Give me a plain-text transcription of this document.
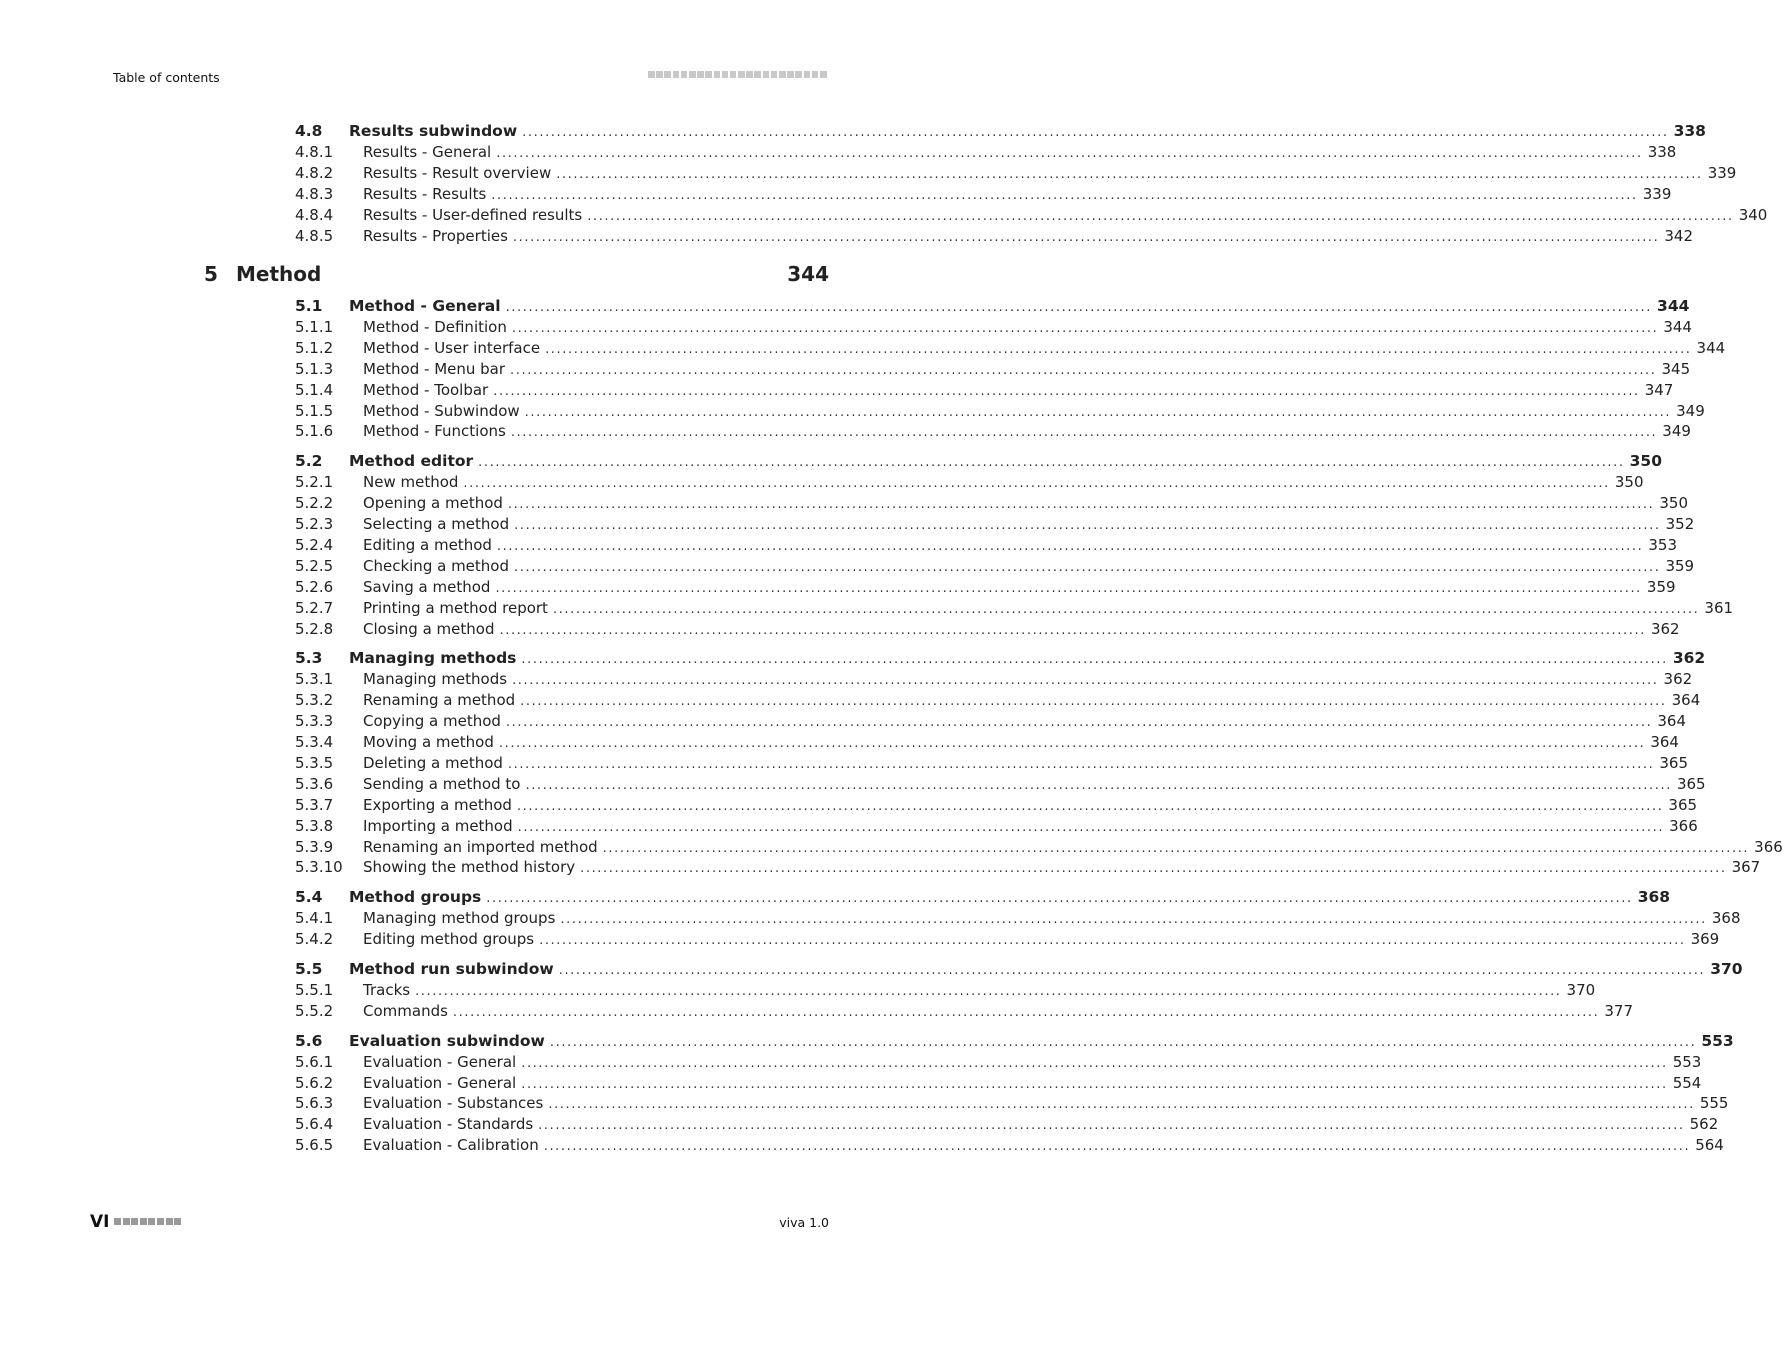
Table of contents
5 Method	344
4.8	Results subwindow ........................................................................................................................................................................................................ 338
4.8.1	Results - General ........................................................................................................................................................................................................ 338
4.8.2	Results - Result overview ........................................................................................................................................................................................................ 339
4.8.3	Results - Results ........................................................................................................................................................................................................ 339
4.8.4	Results - User-defined results ........................................................................................................................................................................................................ 340
4.8.5	Results - Properties ........................................................................................................................................................................................................ 342
5.1	Method - General ........................................................................................................................................................................................................ 344
5.1.1	Method - Definition ........................................................................................................................................................................................................ 344
5.1.2	Method - User interface ........................................................................................................................................................................................................ 344
5.1.3	Method - Menu bar ........................................................................................................................................................................................................ 345
5.1.4	Method - Toolbar ........................................................................................................................................................................................................ 347
5.1.5	Method - Subwindow ........................................................................................................................................................................................................ 349
5.1.6	Method - Functions ........................................................................................................................................................................................................ 349
5.2	Method editor ........................................................................................................................................................................................................ 350
5.2.1	New method ........................................................................................................................................................................................................ 350
5.2.2	Opening a method ........................................................................................................................................................................................................ 350
5.2.3	Selecting a method ........................................................................................................................................................................................................ 352
5.2.4	Editing a method ........................................................................................................................................................................................................ 353
5.2.5	Checking a method ........................................................................................................................................................................................................ 359
5.2.6	Saving a method ........................................................................................................................................................................................................ 359
5.2.7	Printing a method report ........................................................................................................................................................................................................ 361
5.2.8	Closing a method ........................................................................................................................................................................................................ 362
5.3	Managing methods ........................................................................................................................................................................................................ 362
5.3.1	Managing methods ........................................................................................................................................................................................................ 362
5.3.2	Renaming a method ........................................................................................................................................................................................................ 364
5.3.3	Copying a method ........................................................................................................................................................................................................ 364
5.3.4	Moving a method ........................................................................................................................................................................................................ 364
5.3.5	Deleting a method ........................................................................................................................................................................................................ 365
5.3.6	Sending a method to ........................................................................................................................................................................................................ 365
5.3.7	Exporting a method ........................................................................................................................................................................................................ 365
5.3.8	Importing a method ........................................................................................................................................................................................................ 366
5.3.9	Renaming an imported method ........................................................................................................................................................................................................ 366
5.3.10	Showing the method history ........................................................................................................................................................................................................ 367
5.4	Method groups ........................................................................................................................................................................................................ 368
5.4.1	Managing method groups ........................................................................................................................................................................................................ 368
5.4.2	Editing method groups ........................................................................................................................................................................................................ 369
5.5	Method run subwindow ........................................................................................................................................................................................................ 370
5.5.1	Tracks ........................................................................................................................................................................................................ 370
5.5.2	Commands ........................................................................................................................................................................................................ 377
5.6	Evaluation subwindow ........................................................................................................................................................................................................ 553
5.6.1	Evaluation - General ........................................................................................................................................................................................................ 553
5.6.2	Evaluation - General ........................................................................................................................................................................................................ 554
5.6.3	Evaluation - Substances ........................................................................................................................................................................................................ 555
5.6.4	Evaluation - Standards ........................................................................................................................................................................................................ 562
5.6.5	Evaluation - Calibration ........................................................................................................................................................................................................ 564
VI	viva 1.0
